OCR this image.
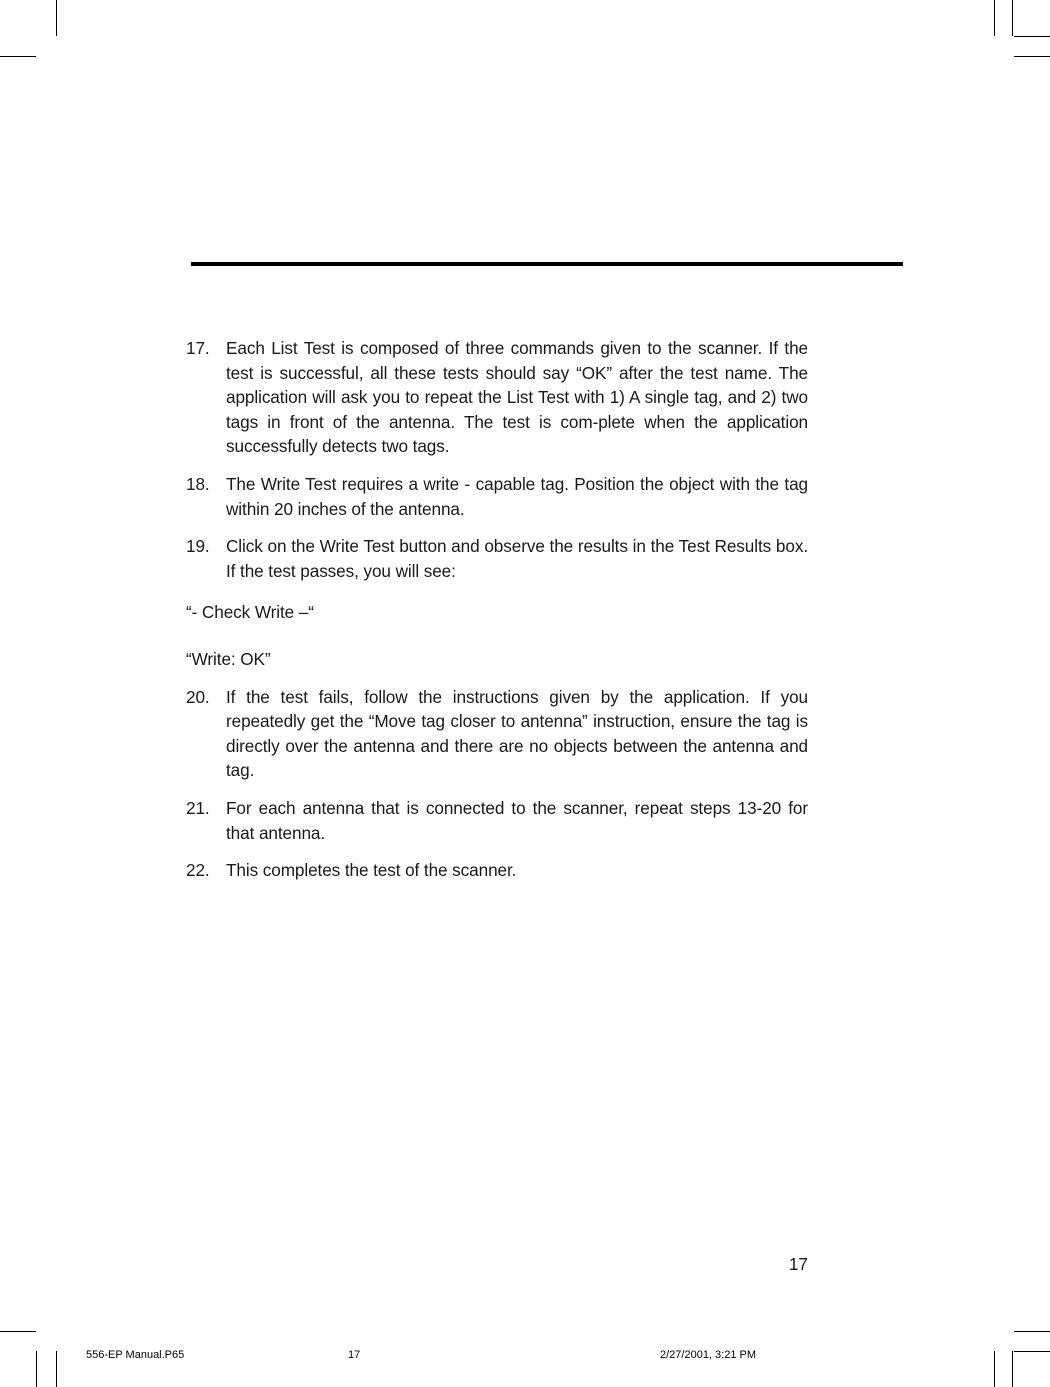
17. Each List Test is composed of three commands given to the scanner. If the test is successful, all these tests should say “OK” after the test name. The application will ask you to repeat the List Test with 1) A single tag, and 2) two tags in front of the antenna. The test is com-plete when the application successfully detects two tags.
18. The Write Test requires a write - capable tag. Position the object with the tag within 20 inches of the antenna.
19. Click on the Write Test button and observe the results in the Test Results box. If the test passes, you will see:
“- Check Write –“
“Write: OK”
20. If the test fails, follow the instructions given by the application. If you repeatedly get the “Move tag closer to antenna” instruction, ensure the tag is directly over the antenna and there are no objects between the antenna and tag.
21. For each antenna that is connected to the scanner, repeat steps 13-20 for that antenna.
22. This completes the test of the scanner.
17
556-EP Manual.P65	17	2/27/2001, 3:21 PM
